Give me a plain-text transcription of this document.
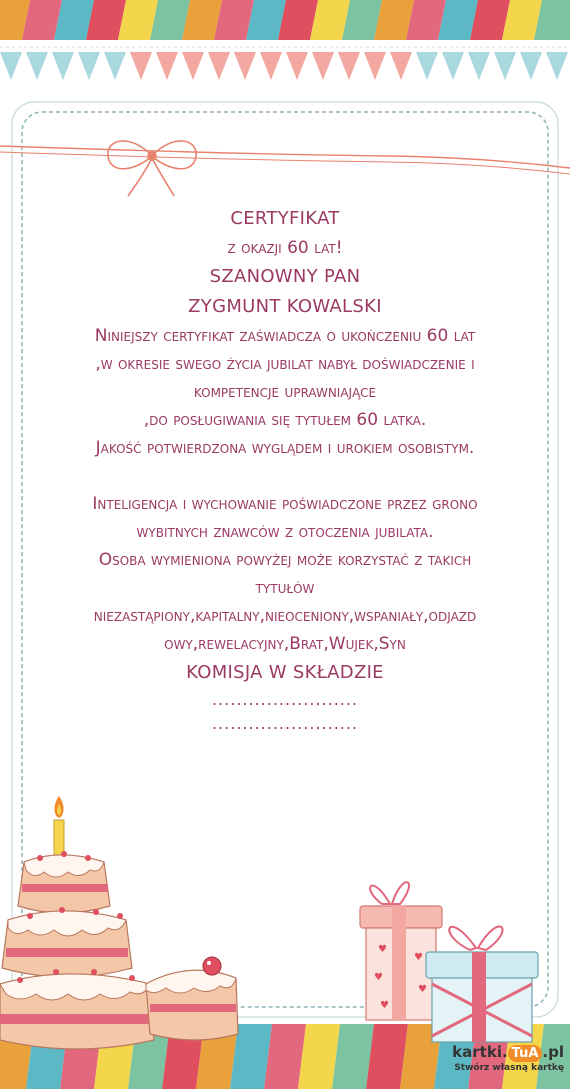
CERTYFIKAT
z okazji 60 lat!
SZANOWNY PAN
ZYGMUNT KOWALSKI
Niniejszy certyfikat zaświadcza o ukończeniu 60 lat
,w okresie swego życia jubilat nabył doświadczenie i
kompetencje uprawniające
,do posługiwania się tytułem 60 latka.
Jakość potwierdzona wyglądem i urokiem osobistym.
Inteligencja i wychowanie poświadczone przez grono
wybitnych znawców z otoczenia jubilata.
Osoba wymieniona powyżej może korzystać z takich
tytułów
niezastąpiony,kapitalny,nieoceniony,wspaniały,odjazd
owy,rewelacyjny,Brat,Wujek,Syn
KOMISJA W SKŁADZIE
........................
........................
♥
♥
♥
♥
♥
kartki. TuA .pl
Stwórz własną kartkę
